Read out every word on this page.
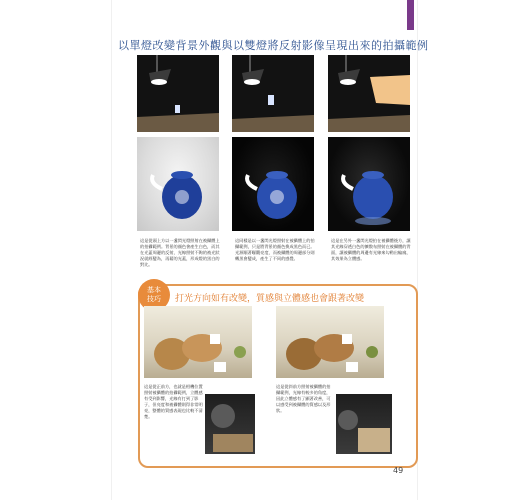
以單燈改變背景外觀與以雙燈將反射影像呈現出來的拍攝範例
這是從頭上方以一盞閃光燈照射在被攝體上的拍攝範例。背景的顏色會產生白色，而其在光蓋周邊的反射，光線照射不夠的被光狀況就經變為，再藉的光蓋，形成燈的黑白的對比。
這同樣是以一盞閃光燈照射在被攝體上的拍攝範例，只是將背景的顏色換成黑色而已。光源順著曝觀亮度，而被攝體的周邊部分則轉黑會變成，產生了不同的感覺。
這是在另外一盞閃光燈拍在被攝體後方，讓其光線穿透白色的擴散布照射在被攝體的背面，讓被攝體的周邊有光線來勾勒出輪廓，其效果為立體感。
基本
技巧 打光方向如有改變，質感與立體感也會跟著改變
這是從正前方，也就是相機位置照射被攝體的拍攝範例，立體感有受到影響，光線有打到了影子，但亮度和被攝體則得非常明亮，整體的質感表現也比較不清楚。
這是從斜前方照射被攝體的拍攝範例，光線有較多的角度，因此立體感有了顯著改善，可以感受到被攝體的質感以及形狀。
49
